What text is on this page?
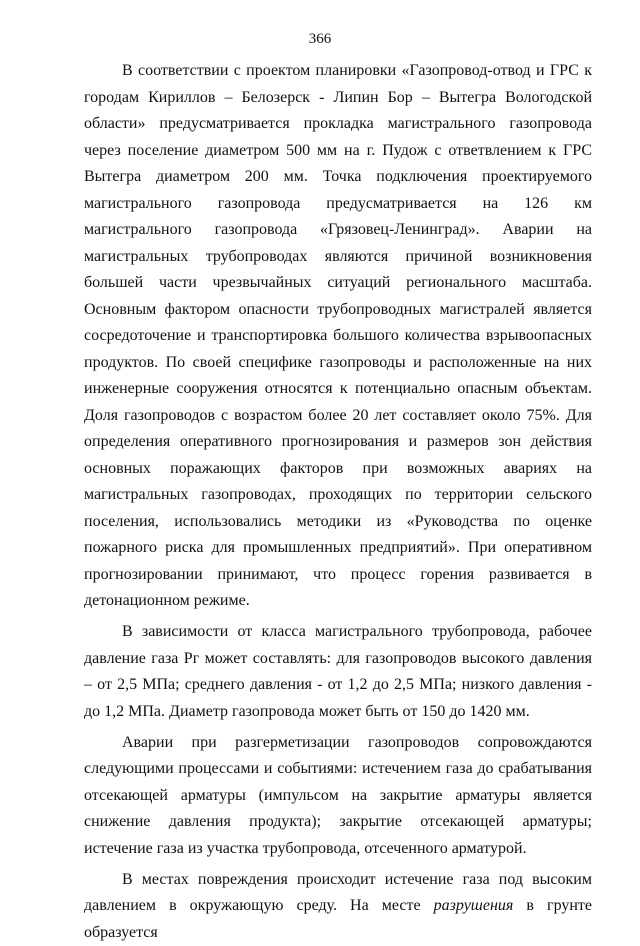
366

В соответствии с проектом планировки «Газопровод-отвод и ГРС к городам Кириллов – Белозерск - Липин Бор – Вытегра Вологодской области» предусматривается прокладка магистрального газопровода через поселение диаметром 500 мм на г. Пудож с ответвлением к ГРС Вытегра диаметром 200 мм. Точка подключения проектируемого магистрального газопровода предусматривается на 126 км магистрального газопровода «Грязовец-Ленинград». Аварии на магистральных трубопроводах являются причиной возникновения большей части чрезвычайных ситуаций регионального масштаба. Основным фактором опасности трубопроводных магистралей является сосредоточение и транспортировка большого количества взрывоопасных продуктов. По своей специфике газопроводы и расположенные на них инженерные сооружения относятся к потенциально опасным объектам. Доля газопроводов с возрастом более 20 лет составляет около 75%. Для определения оперативного прогнозирования и размеров зон действия основных поражающих факторов при возможных авариях на магистральных газопроводах, проходящих по территории сельского поселения, использовались методики из «Руководства по оценке пожарного риска для промышленных предприятий». При оперативном прогнозировании принимают, что процесс горения развивается в детонационном режиме.

В зависимости от класса магистрального трубопровода, рабочее давление газа Pг может составлять: для газопроводов высокого давления – от 2,5 МПа; среднего давления - от 1,2 до 2,5 МПа; низкого давления - до 1,2 МПа. Диаметр газопровода может быть от 150 до 1420 мм.

Аварии при разгерметизации газопроводов сопровождаются следующими процессами и событиями: истечением газа до срабатывания отсекающей арматуры (импульсом на закрытие арматуры является снижение давления продукта); закрытие отсекающей арматуры; истечение газа из участка трубопровода, отсеченного арматурой.

В местах повреждения происходит истечение газа под высоким давлением в окружающую среду. На месте разрушения в грунте образуется
